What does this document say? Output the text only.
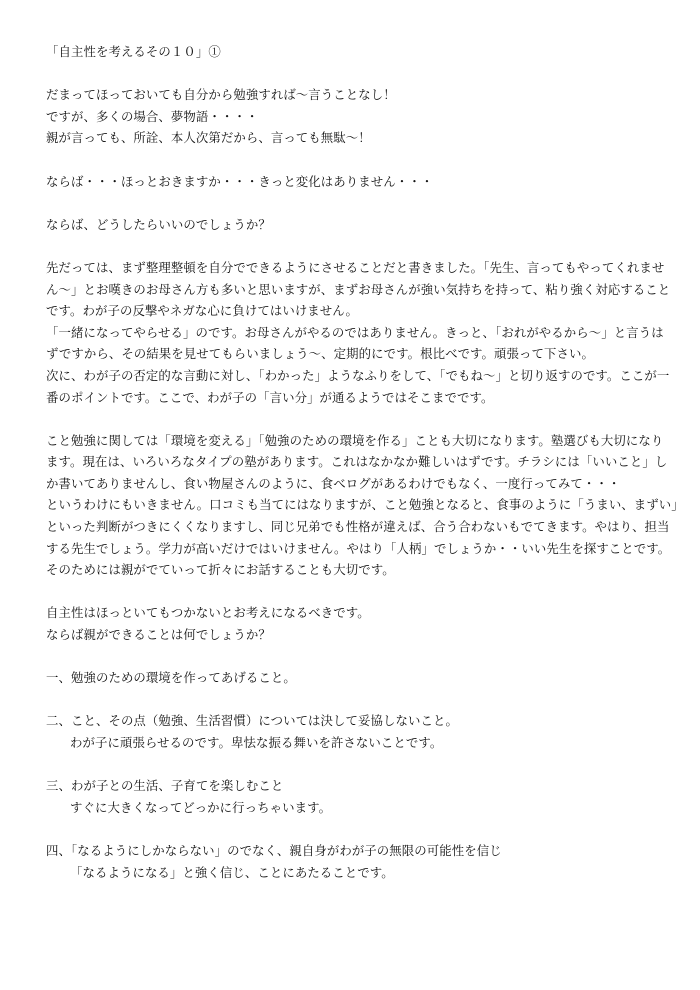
「自主性を考えるその１０」①
だまってほっておいても自分から勉強すれば〜言うことなし！
ですが、多くの場合、夢物語・・・・
親が言っても、所詮、本人次第だから、言っても無駄〜！
ならば・・・ほっとおきますか・・・きっと変化はありません・・・
ならば、どうしたらいいのでしょうか？
先だっては、まず整理整頓を自分でできるようにさせることだと書きました。「先生、言ってもやってくれませ
ん〜」とお嘆きのお母さん方も多いと思いますが、まずお母さんが強い気持ちを持って、粘り強く対応すること
です。わが子の反撃やネガな心に負けてはいけません。
「一緒になってやらせる」のです。お母さんがやるのではありません。きっと、「おれがやるから〜」と言うは
ずですから、その結果を見せてもらいましょう〜、定期的にです。根比べです。頑張って下さい。
次に、わが子の否定的な言動に対し、「わかった」ようなふりをして、「でもね〜」と切り返すのです。ここが一
番のポイントです。ここで、わが子の「言い分」が通るようではそこまでです。
こと勉強に関しては「環境を変える」「勉強のための環境を作る」ことも大切になります。塾選びも大切になり
ます。現在は、いろいろなタイプの塾があります。これはなかなか難しいはずです。チラシには「いいこと」し
か書いてありませんし、食い物屋さんのように、食べログがあるわけでもなく、一度行ってみて・・・
というわけにもいきません。口コミも当てにはなりますが、こと勉強となると、食事のように「うまい、まずい」
といった判断がつきにくくなりますし、同じ兄弟でも性格が違えば、合う合わないもでてきます。やはり、担当
する先生でしょう。学力が高いだけではいけません。やはり「人柄」でしょうか・・いい先生を探すことです。
そのためには親がでていって折々にお話することも大切です。
自主性はほっといてもつかないとお考えになるべきです。
ならば親ができることは何でしょうか？
一、勉強のための環境を作ってあげること。
二、こと、その点（勉強、生活習慣）については決して妥協しないこと。
わが子に頑張らせるのです。卑怯な振る舞いを許さないことです。
三、わが子との生活、子育てを楽しむこと
すぐに大きくなってどっかに行っちゃいます。
四、「なるようにしかならない」のでなく、親自身がわが子の無限の可能性を信じ
「なるようになる」と強く信じ、ことにあたることです。
